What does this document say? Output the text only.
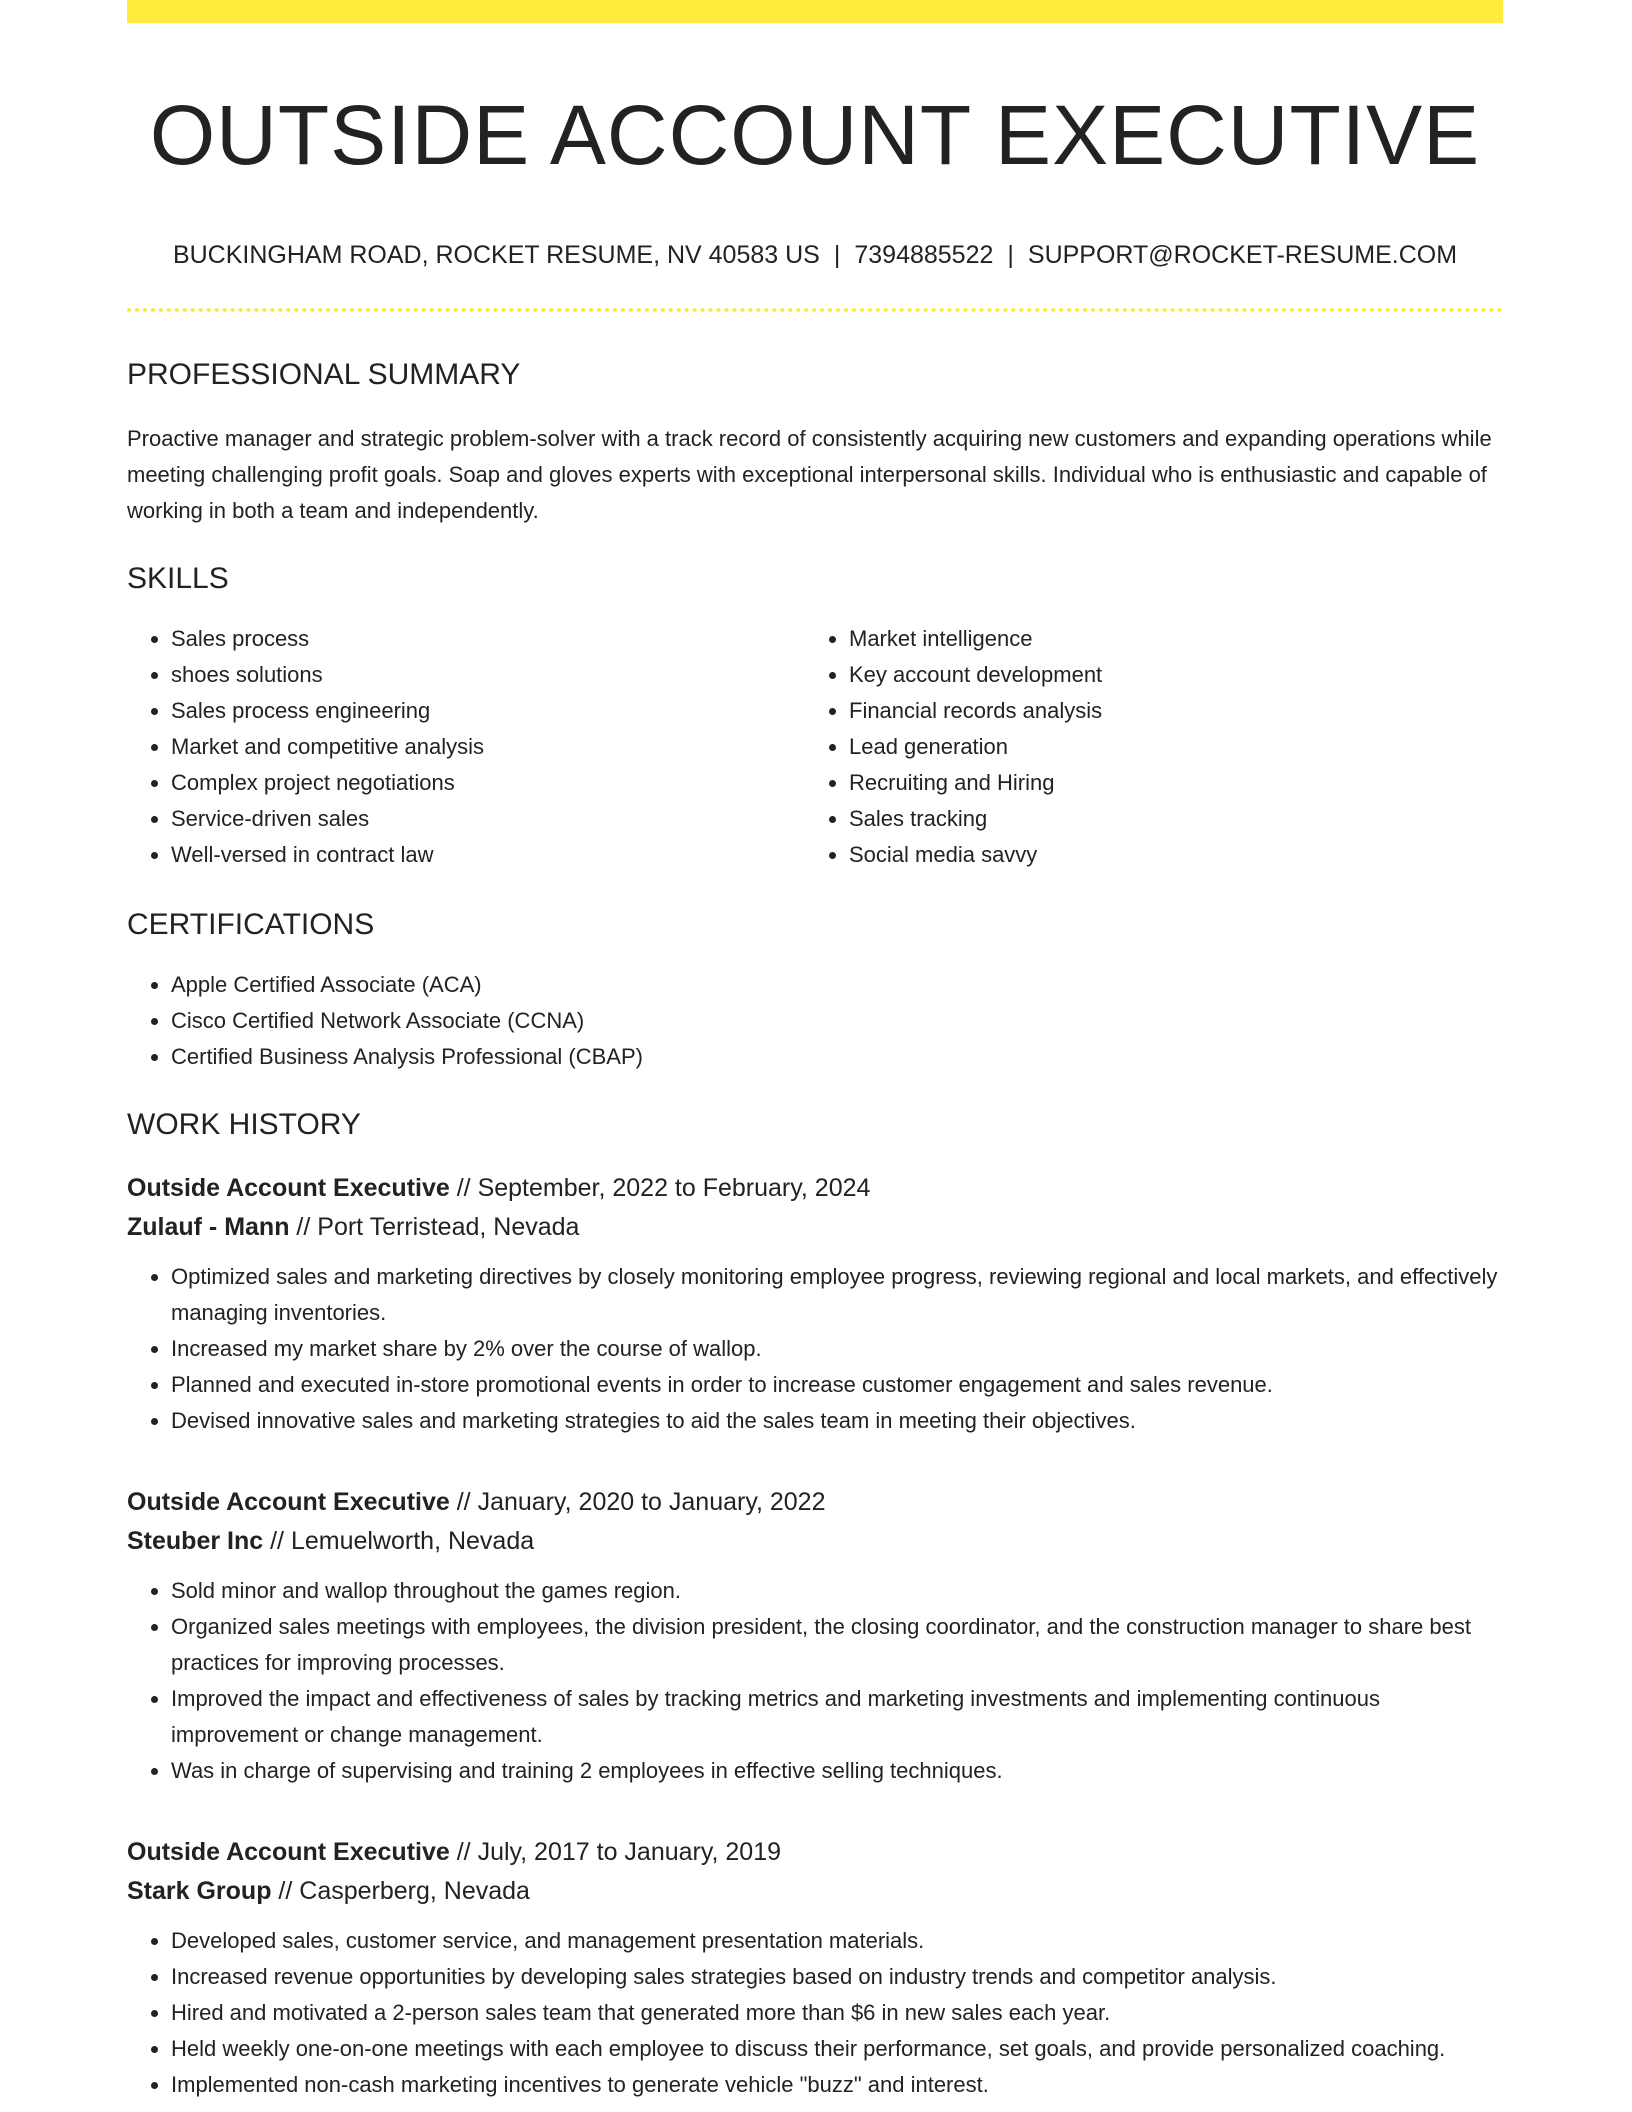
OUTSIDE ACCOUNT EXECUTIVE
BUCKINGHAM ROAD, ROCKET RESUME, NV 40583 US | 7394885522 | SUPPORT@ROCKET-RESUME.COM
PROFESSIONAL SUMMARY

Proactive manager and strategic problem-solver with a track record of consistently acquiring new customers and expanding operations while meeting challenging profit goals. Soap and gloves experts with exceptional interpersonal skills. Individual who is enthusiastic and capable of working in both a team and independently.

SKILLS
• Sales process
• shoes solutions
• Sales process engineering
• Market and competitive analysis
• Complex project negotiations
• Service-driven sales
• Well-versed in contract law
• Market intelligence
• Key account development
• Financial records analysis
• Lead generation
• Recruiting and Hiring
• Sales tracking
• Social media savvy
CERTIFICATIONS
• Apple Certified Associate (ACA)
• Cisco Certified Network Associate (CCNA)
• Certified Business Analysis Professional (CBAP)
WORK HISTORY
Outside Account Executive // September, 2022 to February, 2024
Zulauf - Mann // Port Terristead, Nevada
• Optimized sales and marketing directives by closely monitoring employee progress, reviewing regional and local markets, and effectively managing inventories.
• Increased my market share by 2% over the course of wallop.
• Planned and executed in-store promotional events in order to increase customer engagement and sales revenue.
• Devised innovative sales and marketing strategies to aid the sales team in meeting their objectives.
Outside Account Executive // January, 2020 to January, 2022
Steuber Inc // Lemuelworth, Nevada
• Sold minor and wallop throughout the games region.
• Organized sales meetings with employees, the division president, the closing coordinator, and the construction manager to share best practices for improving processes.
• Improved the impact and effectiveness of sales by tracking metrics and marketing investments and implementing continuous improvement or change management.
• Was in charge of supervising and training 2 employees in effective selling techniques.
Outside Account Executive // July, 2017 to January, 2019
Stark Group // Casperberg, Nevada
• Developed sales, customer service, and management presentation materials.
• Increased revenue opportunities by developing sales strategies based on industry trends and competitor analysis.
• Hired and motivated a 2-person sales team that generated more than $6 in new sales each year.
• Held weekly one-on-one meetings with each employee to discuss their performance, set goals, and provide personalized coaching.
• Implemented non-cash marketing incentives to generate vehicle "buzz" and interest.
